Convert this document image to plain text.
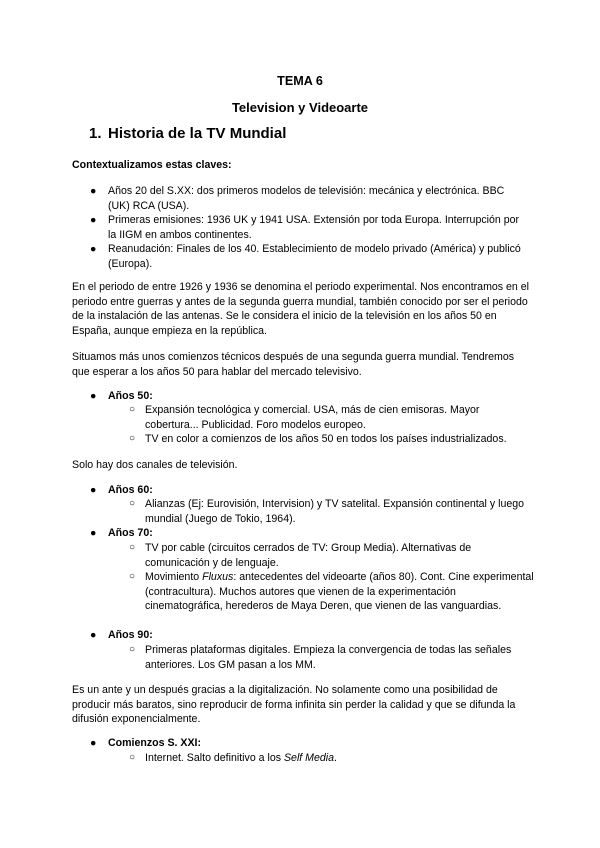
TEMA 6
Television y Videoarte
1. Historia de la TV Mundial
Contextualizamos estas claves:
● Años 20 del S.XX: dos primeros modelos de televisión: mecánica y electrónica. BBC (UK) RCA (USA).
● Primeras emisiones: 1936 UK y 1941 USA. Extensión por toda Europa. Interrupción por la IIGM en ambos continentes.
● Reanudación: Finales de los 40. Establecimiento de modelo privado (América) y publicó (Europa).
En el periodo de entre 1926 y 1936 se denomina el periodo experimental. Nos encontramos en el periodo entre guerras y antes de la segunda guerra mundial, también conocido por ser el periodo de la instalación de las antenas. Se le considera el inicio de la televisión en los años 50 en España, aunque empieza en la república.
Situamos más unos comienzos técnicos después de una segunda guerra mundial. Tendremos que esperar a los años 50 para hablar del mercado televisivo.
● Años 50:
○ Expansión tecnológica y comercial. USA, más de cien emisoras. Mayor cobertura... Publicidad. Foro modelos europeo.
○ TV en color a comienzos de los años 50 en todos los países industrializados.
Solo hay dos canales de televisión.
● Años 60:
○ Alianzas (Ej: Eurovisión, Intervision) y TV satelital. Expansión continental y luego mundial (Juego de Tokio, 1964).
● Años 70:
○ TV por cable (circuitos cerrados de TV: Group Media). Alternativas de comunicación y de lenguaje.
○ Movimiento Fluxus: antecedentes del videoarte (años 80). Cont. Cine experimental (contracultura). Muchos autores que vienen de la experimentación cinematográfica, herederos de Maya Deren, que vienen de las vanguardias.
● Años 90:
○ Primeras plataformas digitales. Empieza la convergencia de todas las señales anteriores. Los GM pasan a los MM.
Es un ante y un después gracias a la digitalización. No solamente como una posibilidad de producir más baratos, sino reproducir de forma infinita sin perder la calidad y que se difunda la difusión exponencialmente.
● Comienzos S. XXI:
○ Internet. Salto definitivo a los Self Media.
